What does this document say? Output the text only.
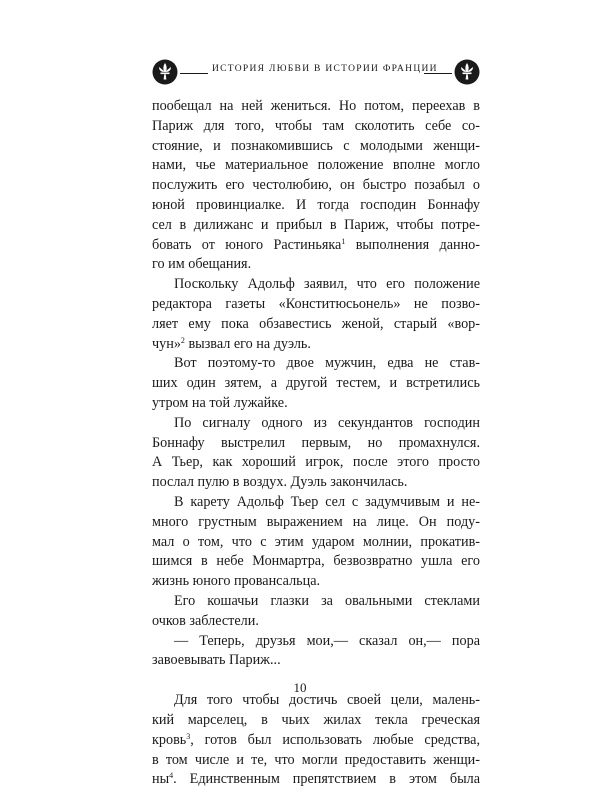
ИСТОРИЯ ЛЮБВИ В ИСТОРИИ ФРАНЦИИ
пообещал на ней жениться. Но потом, переехав в
Париж для того, чтобы там сколотить себе со-
стояние, и познакомившись с молодыми женщи-
нами, чье материальное положение вполне могло
послужить его честолюбию, он быстро позабыл о
юной провинциалке. И тогда господин Боннафу
сел в дилижанс и прибыл в Париж, чтобы потре-
бовать от юного Растиньяка$^1$ выполнения данно-
го им обещания.
Поскольку Адольф заявил, что его положение
редактора газеты «Конститюсьонель» не позво-
ляет ему пока обзавестись женой, старый «вор-
чун»$^2$ вызвал его на дуэль.
Вот поэтому-то двое мужчин, едва не став-
ших один зятем, а другой тестем, и встретились
утром на той лужайке.
По сигналу одного из секундантов господин
Боннафу выстрелил первым, но промахнулся.
А Тьер, как хороший игрок, после этого просто
послал пулю в воздух. Дуэль закончилась.
В карету Адольф Тьер сел с задумчивым и не-
много грустным выражением на лице. Он поду-
мал о том, что с этим ударом молнии, прокатив-
шимся в небе Монмартра, безвозвратно ушла его
жизнь юного провансальца.
Его кошачьи глазки за овальными стеклами
очков заблестели.
— Теперь, друзья мои,— сказал он,— пора
завоевывать Париж...
Для того чтобы достичь своей цели, малень-
кий марселец, в чьих жилах текла греческая
кровь$^3$, готов был использовать любые средства,
в том числе и те, что могли предоставить женщи-
$ны^4$. Единственным препятствием в этом была
10
